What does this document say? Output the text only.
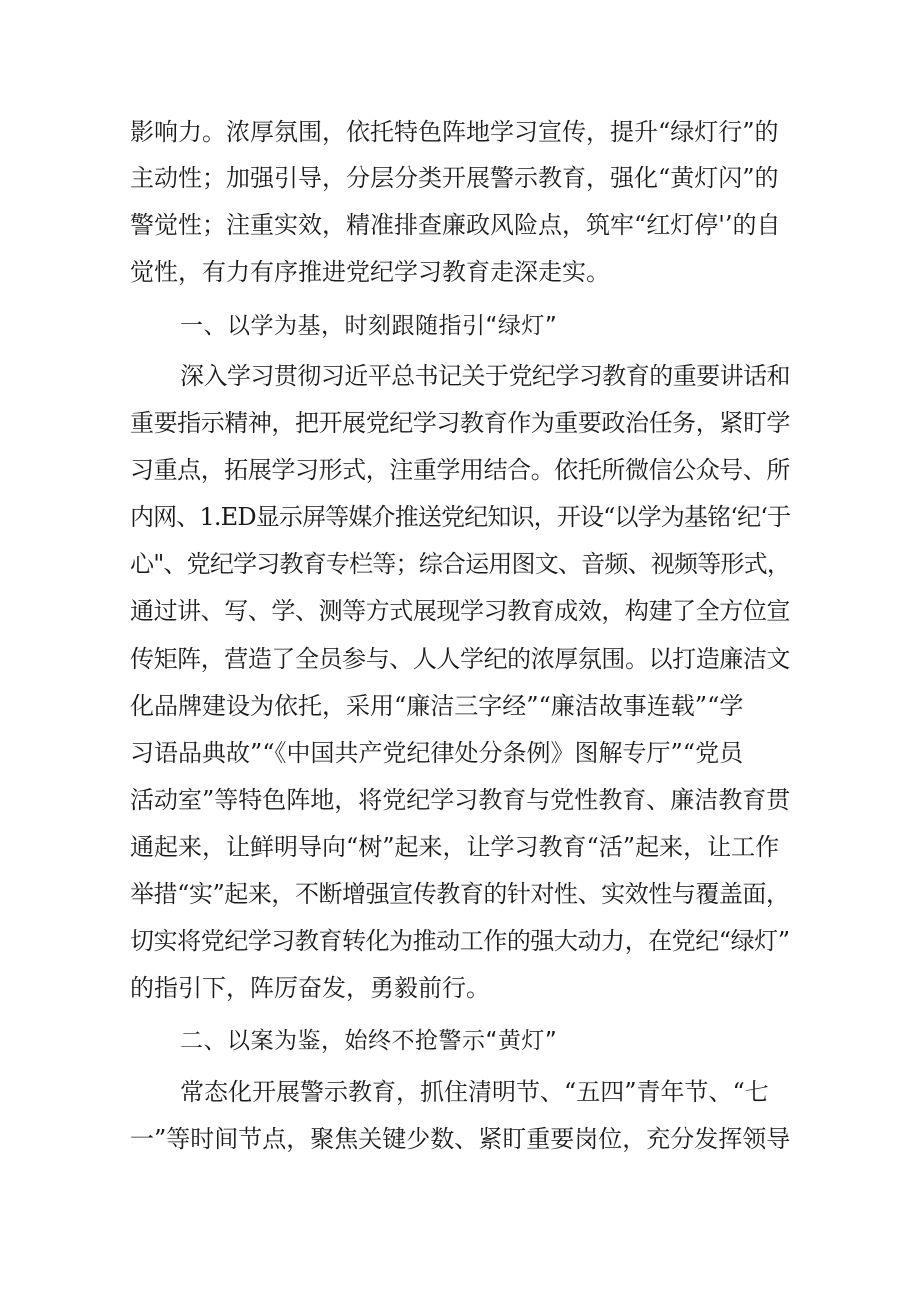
影响力。浓厚氛围，依托特色阵地学习宣传，提升“绿灯行”的
主动性；加强引导，分层分类开展警示教育，强化“黄灯闪”的
警觉性；注重实效，精准排查廉政风险点，筑牢“红灯停'’的自
觉性，有力有序推进党纪学习教育走深走实。
一、以学为基，时刻跟随指引“绿灯”
深入学习贯彻习近平总书记关于党纪学习教育的重要讲话和
重要指示精神，把开展党纪学习教育作为重要政治任务，紧盯学
习重点，拓展学习形式，注重学用结合。依托所微信公众号、所
内网、1.ED显示屏等媒介推送党纪知识，开设“以学为基铭‘纪‘于
心"、党纪学习教育专栏等；综合运用图文、音频、视频等形式，
通过讲、写、学、测等方式展现学习教育成效，构建了全方位宣
传矩阵，营造了全员参与、人人学纪的浓厚氛围。以打造廉洁文
化品牌建设为依托，采用“廉洁三字经”“廉洁故事连载”“学
习语品典故”“《中国共产党纪律处分条例》图解专厅”“党员
活动室”等特色阵地，将党纪学习教育与党性教育、廉洁教育贯
通起来，让鲜明导向“树”起来，让学习教育“活”起来，让工作
举措“实”起来，不断增强宣传教育的针对性、实效性与覆盖面，
切实将党纪学习教育转化为推动工作的强大动力，在党纪“绿灯”
的指引下，阵厉奋发，勇毅前行。
二、以案为鉴，始终不抢警示“黄灯”
常态化开展警示教育，抓住清明节、“五四”青年节、“七
一”等时间节点，聚焦关键少数、紧盯重要岗位，充分发挥领导
